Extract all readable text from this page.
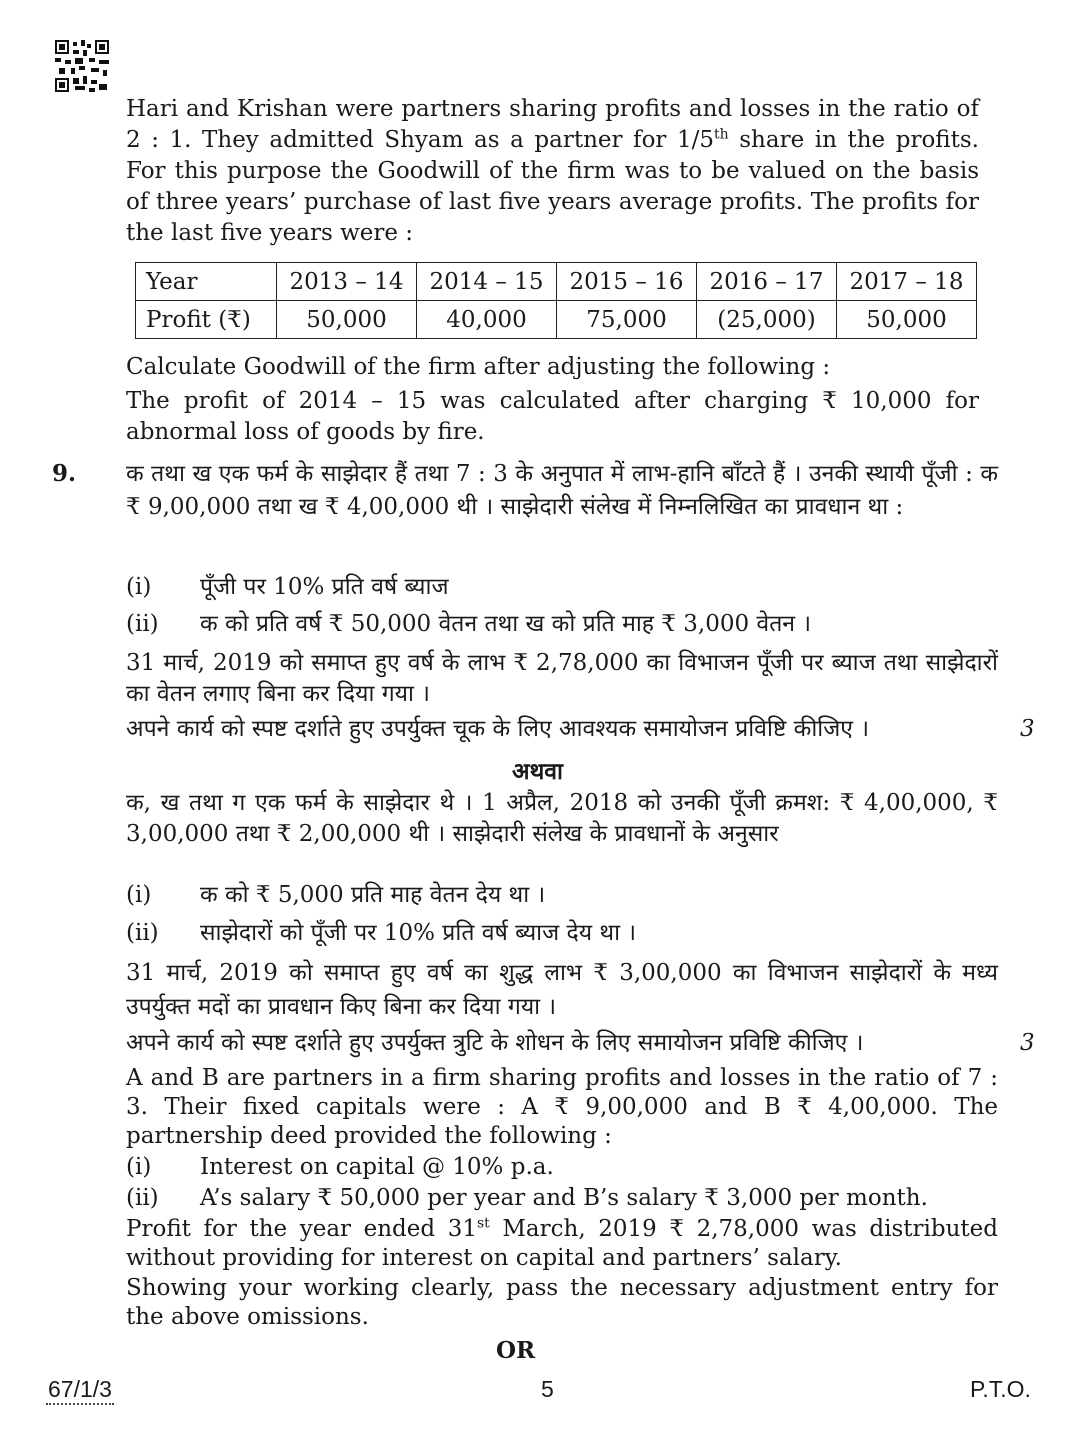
Hari and Krishan were partners sharing profits and losses in the ratio of 2 : 1. They admitted Shyam as a partner for 1/5th share in the profits. For this purpose the Goodwill of the firm was to be valued on the basis of three years’ purchase of last five years average profits. The profits for the last five years were :
Year	2013 – 14	2014 – 15	2015 – 16	2016 – 17	2017 – 18
Profit (₹)	50,000	40,000	75,000	(25,000)	50,000
Calculate Goodwill of the firm after adjusting the following :
The profit of 2014 – 15 was calculated after charging ₹ 10,000 for abnormal loss of goods by fire.
9. क तथा ख एक फर्म के साझेदार हैं तथा 7 : 3 के अनुपात में लाभ-हानि बाँटते हैं । उनकी स्थायी पूँजी : क ₹ 9,00,000 तथा ख ₹ 4,00,000 थी । साझेदारी संलेख में निम्नलिखित का प्रावधान था :
(i) पूँजी पर 10% प्रति वर्ष ब्याज
(ii) क को प्रति वर्ष ₹ 50,000 वेतन तथा ख को प्रति माह ₹ 3,000 वेतन ।
31 मार्च, 2019 को समाप्त हुए वर्ष के लाभ ₹ 2,78,000 का विभाजन पूँजी पर ब्याज तथा साझेदारों का वेतन लगाए बिना कर दिया गया ।
अपने कार्य को स्पष्ट दर्शाते हुए उपर्युक्त चूक के लिए आवश्यक समायोजन प्रविष्टि कीजिए ।	3
अथवा
क, ख तथा ग एक फर्म के साझेदार थे । 1 अप्रैल, 2018 को उनकी पूँजी क्रमश: ₹ 4,00,000, ₹ 3,00,000 तथा ₹ 2,00,000 थी । साझेदारी संलेख के प्रावधानों के अनुसार
(i) क को ₹ 5,000 प्रति माह वेतन देय था ।
(ii) साझेदारों को पूँजी पर 10% प्रति वर्ष ब्याज देय था ।
31 मार्च, 2019 को समाप्त हुए वर्ष का शुद्ध लाभ ₹ 3,00,000 का विभाजन साझेदारों के मध्य उपर्युक्त मदों का प्रावधान किए बिना कर दिया गया ।
अपने कार्य को स्पष्ट दर्शाते हुए उपर्युक्त त्रुटि के शोधन के लिए समायोजन प्रविष्टि कीजिए ।	3
A and B are partners in a firm sharing profits and losses in the ratio of 7 : 3. Their fixed capitals were : A ₹ 9,00,000 and B ₹ 4,00,000. The partnership deed provided the following :
(i) Interest on capital @ 10% p.a.
(ii) A’s salary ₹ 50,000 per year and B’s salary ₹ 3,000 per month.
Profit for the year ended 31st March, 2019 ₹ 2,78,000 was distributed without providing for interest on capital and partners’ salary.
Showing your working clearly, pass the necessary adjustment entry for the above omissions.
OR
67/1/3	5	P.T.O.
